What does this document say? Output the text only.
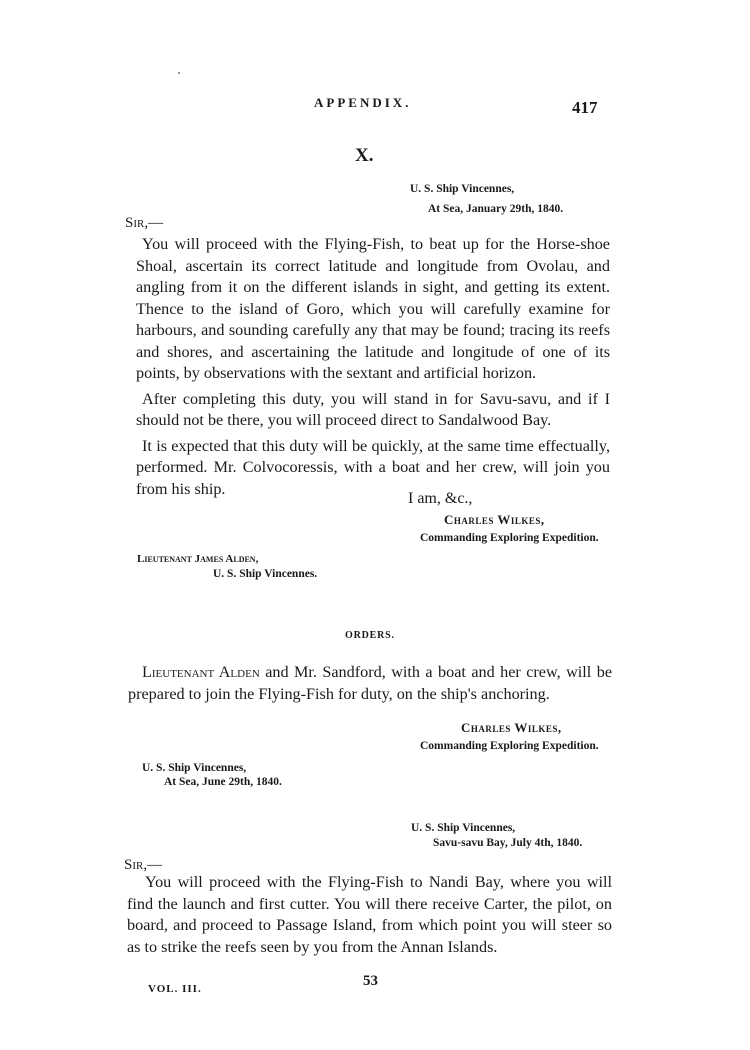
APPENDIX.	417
X.
U. S. Ship Vincennes,
At Sea, January 29th, 1840.
Sir,—

You will proceed with the Flying-Fish, to beat up for the Horse-shoe Shoal, ascertain its correct latitude and longitude from Ovolau, and angling from it on the different islands in sight, and getting its extent. Thence to the island of Goro, which you will carefully examine for harbours, and sounding carefully any that may be found; tracing its reefs and shores, and ascertaining the latitude and longitude of one of its points, by observations with the sextant and artificial horizon.

After completing this duty, you will stand in for Savu-savu, and if I should not be there, you will proceed direct to Sandalwood Bay.

It is expected that this duty will be quickly, at the same time effectually, performed. Mr. Colvocoressis, with a boat and her crew, will join you from his ship.

I am, &c.,
Charles Wilkes,
Commanding Exploring Expedition.
Lieutenant James Alden,
U. S. Ship Vincennes.
ORDERS.

Lieutenant Alden and Mr. Sandford, with a boat and her crew, will be prepared to join the Flying-Fish for duty, on the ship's anchoring.

Charles Wilkes,
Commanding Exploring Expedition.
U. S. Ship Vincennes,
At Sea, June 29th, 1840.
U. S. Ship Vincennes,
Savu-savu Bay, July 4th, 1840.
Sir,—

You will proceed with the Flying-Fish to Nandi Bay, where you will find the launch and first cutter. You will there receive Carter, the pilot, on board, and proceed to Passage Island, from which point you will steer so as to strike the reefs seen by you from the Annan Islands.

VOL. III.	53
